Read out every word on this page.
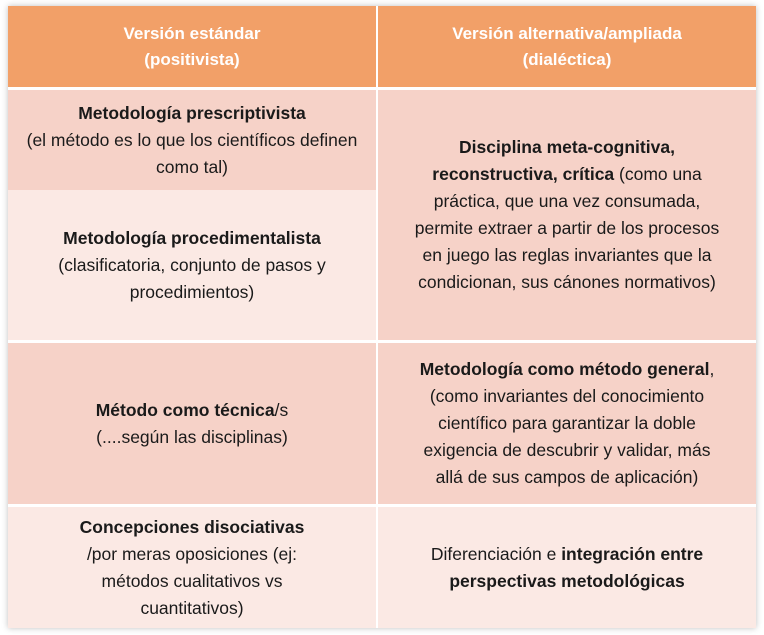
Versión estándar
(positivista)
Versión alternativa/ampliada
(dialéctica)
Metodología prescriptivista
(el método es lo que los científicos definen como tal)
Metodología procedimentalista
(clasificatoria, conjunto de pasos y procedimientos)
Disciplina meta-cognitiva, reconstructiva, crítica (como una práctica, que una vez consumada, permite extraer a partir de los procesos en juego las reglas invariantes que la condicionan, sus cánones normativos)
Método como técnica/s
(....según las disciplinas)
Metodología como método general, (como invariantes del conocimiento científico para garantizar la doble exigencia de descubrir y validar, más allá de sus campos de aplicación)
Concepciones disociativas
/por meras oposiciones (ej: métodos cualitativos vs cuantitativos)
Diferenciación e integración entre perspectivas metodológicas
